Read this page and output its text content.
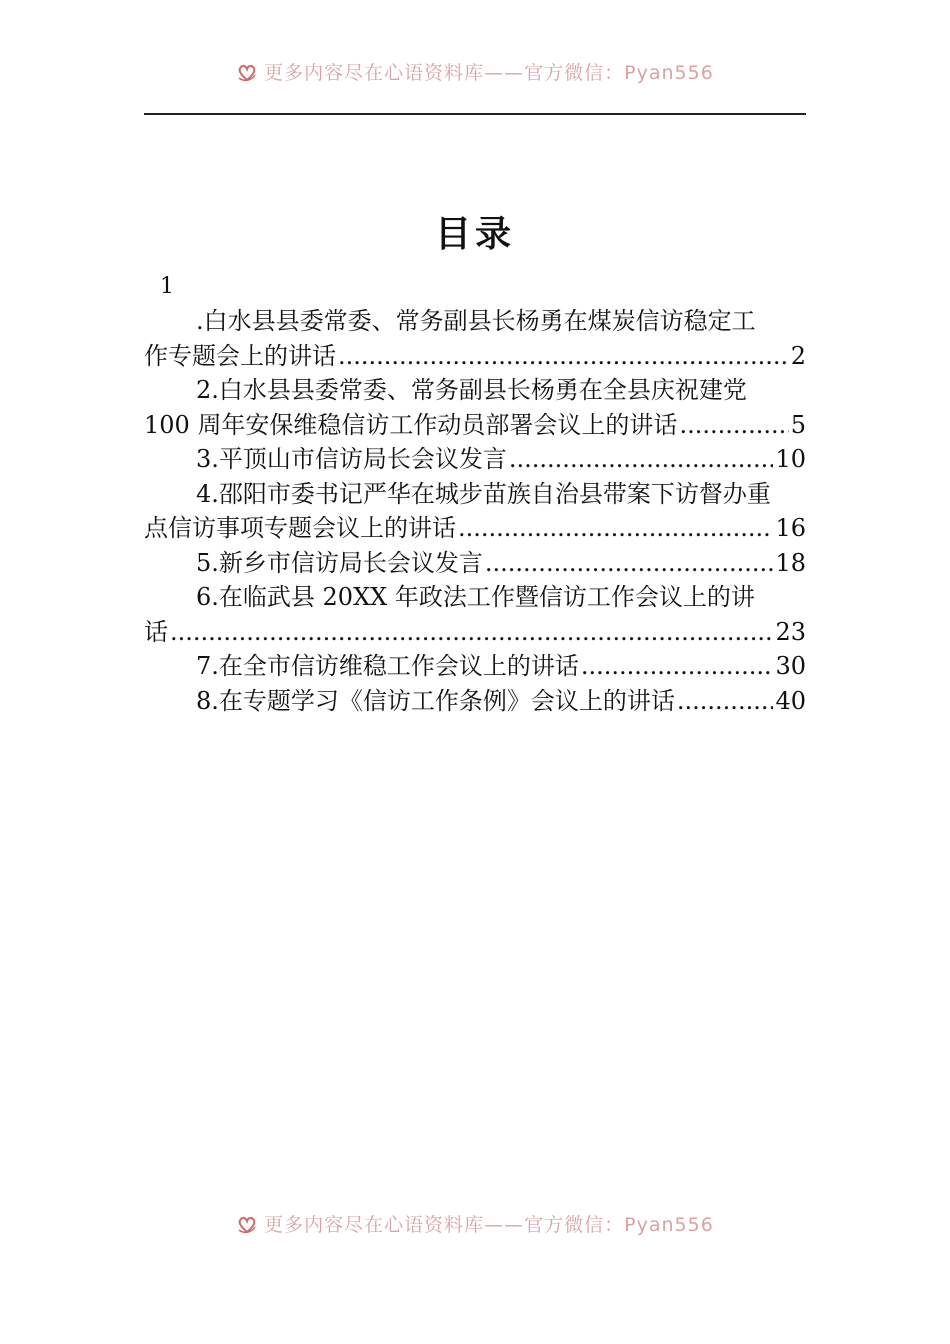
更多内容尽在心语资料库——官方微信：Pyan556
目录
1
.白水县县委常委、常务副县长杨勇在煤炭信访稳定工
作专题会上的讲话 .....	2
2.白水县县委常委、常务副县长杨勇在全县庆祝建党
100 周年安保维稳信访工作动员部署会议上的讲话 .....	5
3.平顶山市信访局长会议发言 .....	10
4.邵阳市委书记严华在城步苗族自治县带案下访督办重
点信访事项专题会议上的讲话 .....	16
5.新乡市信访局长会议发言 .....	18
6.在临武县 20XX 年政法工作暨信访工作会议上的讲
话 .....	23
7.在全市信访维稳工作会议上的讲话 .....	30
8.在专题学习《信访工作条例》会议上的讲话 .....	40
更多内容尽在心语资料库——官方微信：Pyan556
